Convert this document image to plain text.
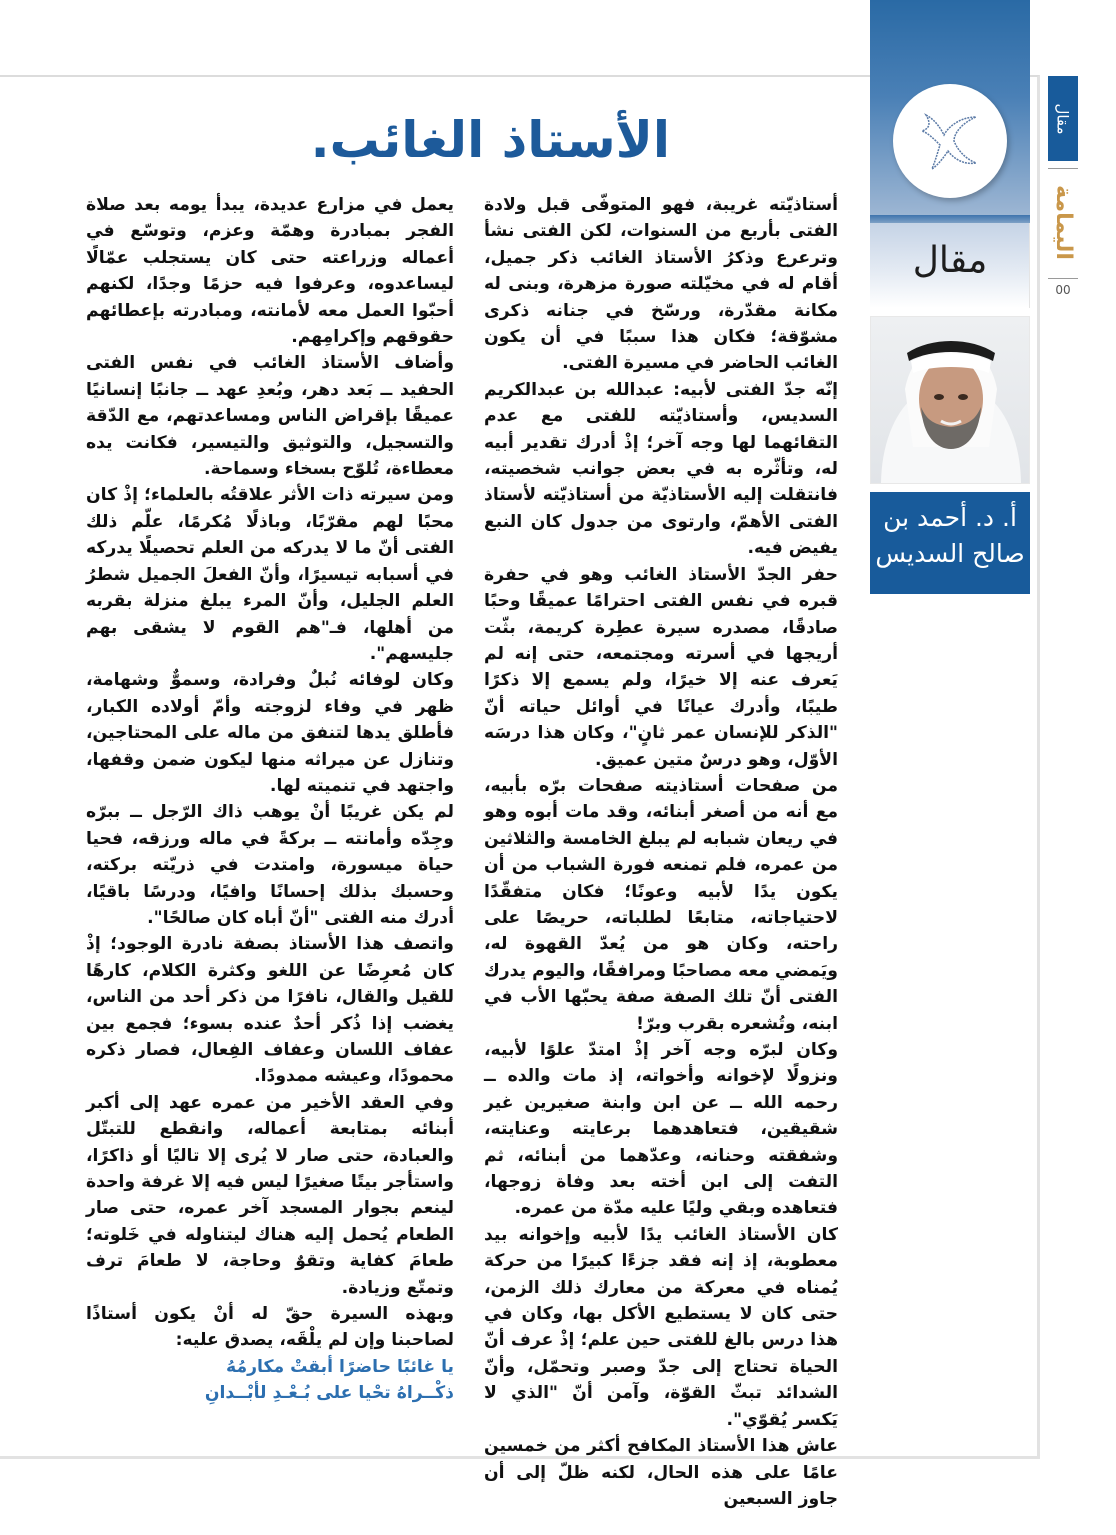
مقال
أ. د. أحمد بن
صالح السديس
مقال
اليمامة
00
الأستاذ الغائب.

أستاذيّته غريبة، فهو المتوفّى قبل ولادة الفتى بأربع من السنوات، لكن الفتى نشأ وترعرع وذكرُ الأستاذ الغائب ذكر جميل، أقام له في مخيّلته صورة مزهرة، وبنى له مكانة مقدّرة، ورسّخ في جنانه ذكرى مشوّقة؛ فكان هذا سببًا في أن يكون الغائب الحاضر في مسيرة الفتى.

إنّه جدّ الفتى لأبيه: عبدالله بن عبدالكريم السديس، وأستاذيّته للفتى مع عدم التقائهما لها وجه آخر؛ إذْ أدرك تقدير أبيه له، وتأثّره به في بعض جوانب شخصيته، فانتقلت إليه الأستاذيّة من أستاذيّته لأستاذ الفتى الأهمّ، وارتوى من جدول كان النبع يفيض فيه.

حفر الجدّ الأستاذ الغائب وهو في حفرة قبره في نفس الفتى احترامًا عميقًا وحبًا صادقًا، مصدره سيرة عطِرة كريمة، بثّت أريجها في أسرته ومجتمعه، حتى إنه لم يَعرف عنه إلا خيرًا، ولم يسمع إلا ذكرًا طيبًا، وأدرك عيانًا في أوائل حياته أنّ "الذكر للإنسان عمر ثانٍ"، وكان هذا درسَه الأوّل، وهو درسٌ متين عميق.

من صفحات أستاذيته صفحات برّه بأبيه، مع أنه من أصغر أبنائه، وقد مات أبوه وهو في ريعان شبابه لم يبلغ الخامسة والثلاثين من عمره، فلم تمنعه فورة الشباب من أن يكون يدًا لأبيه وعونًا؛ فكان متفقّدًا لاحتياجاته، متابعًا لطلباته، حريصًا على راحته، وكان هو من يُعدّ القهوة له، ويَمضي معه مصاحبًا ومرافقًا، واليوم يدرك الفتى أنّ تلك الصفة صفة يحبّها الأب في ابنه، وتُشعره بقرب وبرّ!

وكان لبرّه وجه آخر إذْ امتدّ علوًا لأبيه، ونزولًا لإخوانه وأخواته، إذ مات والده ــ رحمه الله ــ عن ابن وابنة صغيرين غير شقيقين، فتعاهدهما برعايته وعنايته، وشفقته وحنانه، وعدّهما من أبنائه، ثم التفت إلى ابن أخته بعد وفاة زوجها، فتعاهده وبقي وليًا عليه مدّة من عمره.

كان الأستاذ الغائب يدًا لأبيه وإخوانه بيد معطوبة، إذ إنه فقد جزءًا كبيرًا من حركة يُمناه في معركة من معارك ذلك الزمن، حتى كان لا يستطيع الأكل بها، وكان في هذا درس بالغ للفتى حين علم؛ إذْ عرف أنّ الحياة تحتاج إلى جدّ وصبر وتحمّل، وأنّ الشدائد تبثّ القوّة، وآمن أنّ "الذي لا يَكسر يُقوّي".

عاش هذا الأستاذ المكافح أكثر من خمسين عامًا على هذه الحال، لكنه ظلّ إلى أن جاوز السبعين

يعمل في مزارع عديدة، يبدأ يومه بعد صلاة الفجر بمبادرة وهمّة وعزم، وتوسّع في أعماله وزراعته حتى كان يستجلب عمّالًا ليساعدوه، وعرفوا فيه حزمًا وجدًا، لكنهم أحبّوا العمل معه لأمانته، ومبادرته بإعطائهم حقوقهم وإكرامِهم.

وأضاف الأستاذ الغائب في نفس الفتى الحفيد ــ بَعد دهر، وبُعدِ عهد ــ جانبًا إنسانيًا عميقًا بإقراض الناس ومساعدتهم، مع الدّقة والتسجيل، والتوثيق والتيسير، فكانت يده معطاءة، تُلوّح بسخاء وسماحة.

ومن سيرته ذات الأثر علاقتُه بالعلماء؛ إذْ كان محبًا لهم مقرّبًا، وباذلًا مُكرمًا، علّم ذلك الفتى أنّ ما لا يدركه من العلم تحصيلًا يدركه في أسبابه تيسيرًا، وأنّ الفعلَ الجميل شطرُ العلم الجليل، وأنّ المرء يبلغ منزلة بقربه من أهلها، فـ"هم القوم لا يشقى بهم جليسهم".

وكان لوفائه نُبلٌ وفرادة، وسموٌّ وشهامة، ظهر في وفاء لزوجته وأمّ أولاده الكبار، فأطلق يدها لتنفق من ماله على المحتاجين، وتنازل عن ميراثه منها ليكون ضمن وقفها، واجتهد في تنميته لها.

لم يكن غريبًا أنْ يوهب ذاك الرّجل ــ ببرّه وجِدّه وأمانته ــ بركةً في ماله ورزقه، فحيا حياة ميسورة، وامتدت في ذريّته بركته، وحسبك بذلك إحسانًا وافيًا، ودرسًا باقيًا، أدرك منه الفتى "أنّ أباه كان صالحًا".

واتصف هذا الأستاذ بصفة نادرة الوجود؛ إذْ كان مُعرِضًا عن اللغو وكثرة الكلام، كارهًا للقيل والقال، نافرًا من ذكر أحد من الناس، يغضب إذا ذُكر أحدٌ عنده بسوء؛ فجمع بين عفاف اللسان وعفاف الفِعال، فصار ذكره محمودًا، وعيشه ممدودًا.

وفي العقد الأخير من عمره عهد إلى أكبر أبنائه بمتابعة أعماله، وانقطع للتبتّل والعبادة، حتى صار لا يُرى إلا تاليًا أو ذاكرًا، واستأجر بيتًا صغيرًا ليس فيه إلا غرفة واحدة لينعم بجوار المسجد آخر عمره، حتى صار الطعام يُحمل إليه هناك ليتناوله في خَلوته؛ طعامَ كفاية وتقوٌ وحاجة، لا طعامَ ترف وتمتّع وزيادة.

وبهذه السيرة حقّ له أنْ يكون أستاذًا لصاحبنا وإن لم يلْقَه، يصدق عليه:

يا غائبًا حاضرًا أبقتْ مكارمُهُ

ذكْــراهُ تحْيا على بُـعْـدِ لأبْــدانِ
